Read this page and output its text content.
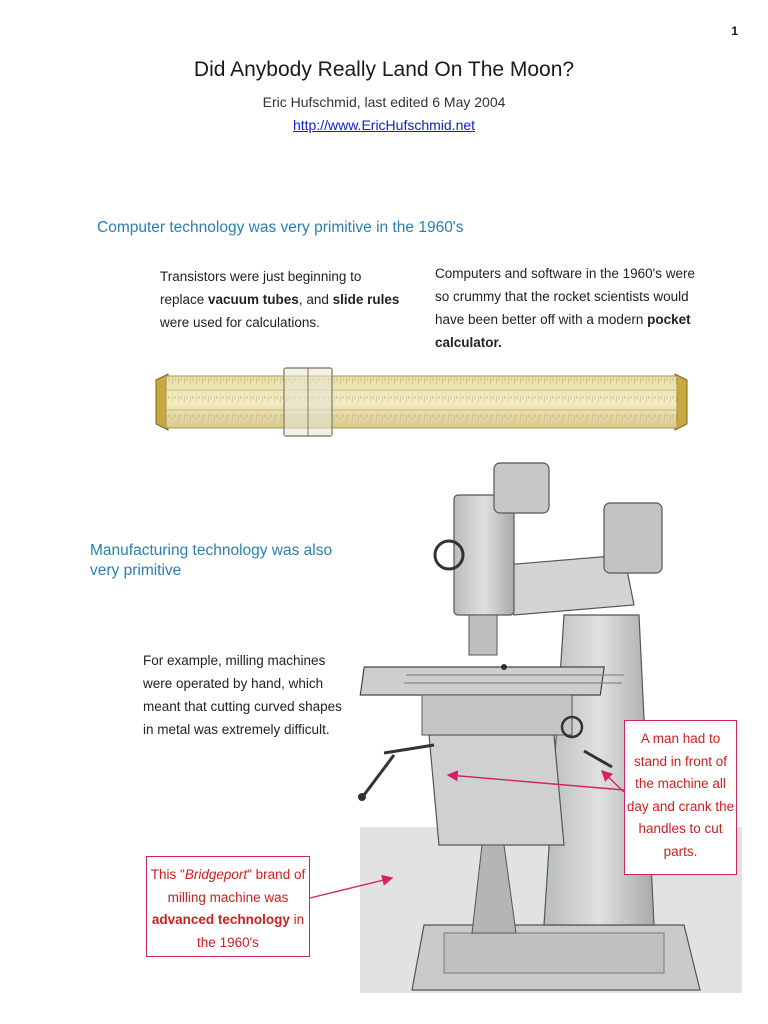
1
Did Anybody Really Land On The Moon?
Eric Hufschmid, last edited 6 May 2004
http://www.EricHufschmid.net
Computer technology was very primitive in the 1960's
Transistors were just beginning to replace vacuum tubes, and slide rules were used for calculations.
Computers and software in the 1960's were so crummy that the rocket scientists would have been better off with a modern pocket calculator.
Manufacturing technology was also very primitive
For example, milling machines were operated by hand, which meant that cutting curved shapes in metal was extremely difficult.
A man had to stand in front of the machine all day and crank the handles to cut parts.
This "Bridgeport" brand of milling machine was advanced technology in the 1960's
